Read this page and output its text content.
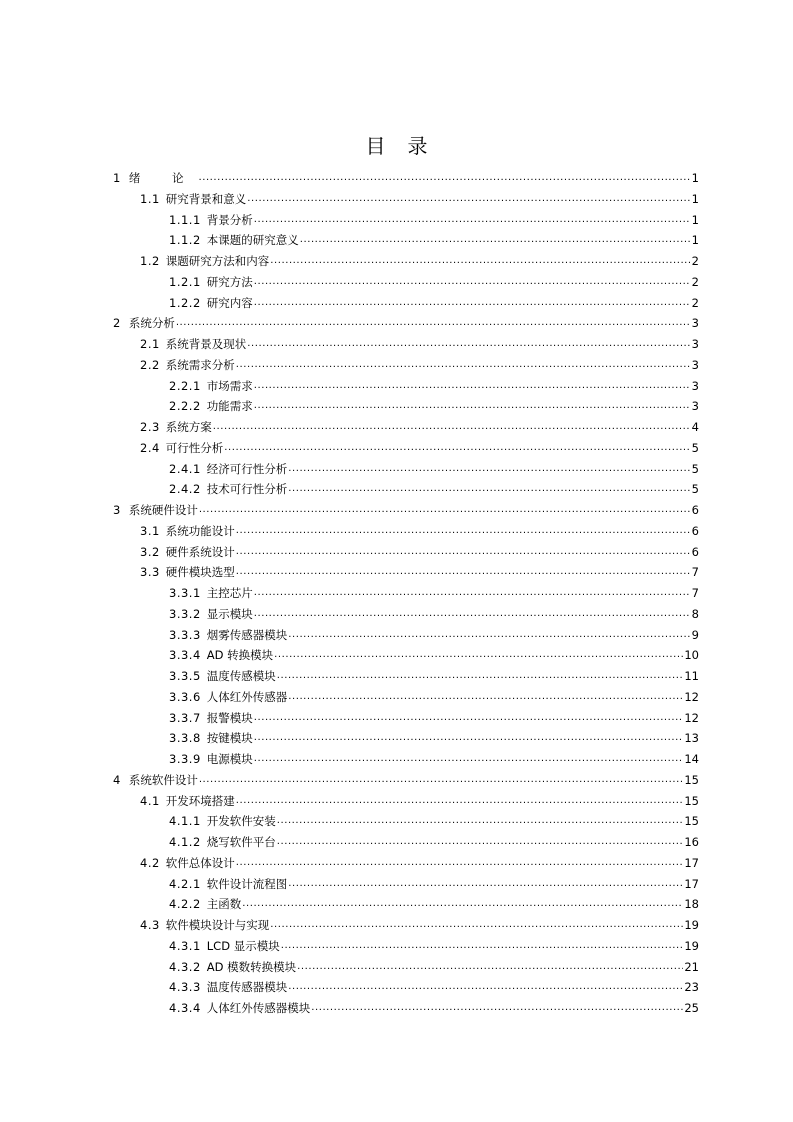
目 录
1 绪 论 .....	1
1.1 研究背景和意义 .....	1
1.1.1 背景分析 .....	1
1.1.2 本课题的研究意义 .....	1
1.2 课题研究方法和内容 .....	2
1.2.1 研究方法 .....	2
1.2.2 研究内容 .....	2
2 系统分析 .....	3
2.1 系统背景及现状 .....	3
2.2 系统需求分析 .....	3
2.2.1 市场需求 .....	3
2.2.2 功能需求 .....	3
2.3 系统方案 .....	4
2.4 可行性分析 .....	5
2.4.1 经济可行性分析 .....	5
2.4.2 技术可行性分析 .....	5
3 系统硬件设计 .....	6
3.1 系统功能设计 .....	6
3.2 硬件系统设计 .....	6
3.3 硬件模块选型 .....	7
3.3.1 主控芯片 .....	7
3.3.2 显示模块 .....	8
3.3.3 烟雾传感器模块 .....	9
3.3.4 AD 转换模块 .....	10
3.3.5 温度传感模块 .....	11
3.3.6 人体红外传感器 .....	12
3.3.7 报警模块 .....	12
3.3.8 按键模块 .....	13
3.3.9 电源模块 .....	14
4 系统软件设计 .....	15
4.1 开发环境搭建 .....	15
4.1.1 开发软件安装 .....	15
4.1.2 烧写软件平台 .....	16
4.2 软件总体设计 .....	17
4.2.1 软件设计流程图 .....	17
4.2.2 主函数 .....	18
4.3 软件模块设计与实现 .....	19
4.3.1 LCD 显示模块 .....	19
4.3.2 AD 模数转换模块 .....	21
4.3.3 温度传感器模块 .....	23
4.3.4 人体红外传感器模块 .....	25
